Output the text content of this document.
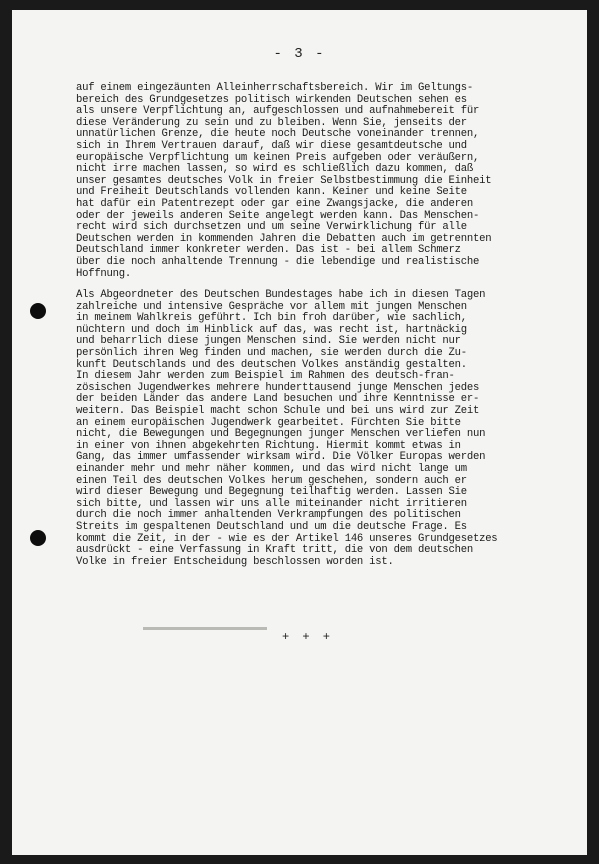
- 3 -

auf einem eingezäunten Alleinherrschaftsbereich. Wir im Geltungs-
bereich des Grundgesetzes politisch wirkenden Deutschen sehen es
als unsere Verpflichtung an, aufgeschlossen und aufnahmebereit für
diese Veränderung zu sein und zu bleiben. Wenn Sie, jenseits der
unnatürlichen Grenze, die heute noch Deutsche voneinander trennen,
sich in Ihrem Vertrauen darauf, daß wir diese gesamtdeutsche und
europäische Verpflichtung um keinen Preis aufgeben oder veräußern,
nicht irre machen lassen, so wird es schließlich dazu kommen, daß
unser gesamtes deutsches Volk in freier Selbstbestimmung die Einheit
und Freiheit Deutschlands vollenden kann. Keiner und keine Seite
hat dafür ein Patentrezept oder gar eine Zwangsjacke, die anderen
oder der jeweils anderen Seite angelegt werden kann. Das Menschen-
recht wird sich durchsetzen und um seine Verwirklichung für alle
Deutschen werden in kommenden Jahren die Debatten auch im getrennten
Deutschland immer konkreter werden. Das ist - bei allem Schmerz
über die noch anhaltende Trennung - die lebendige und realistische
Hoffnung.

Als Abgeordneter des Deutschen Bundestages habe ich in diesen Tagen
zahlreiche und intensive Gespräche vor allem mit jungen Menschen
in meinem Wahlkreis geführt. Ich bin froh darüber, wie sachlich,
nüchtern und doch im Hinblick auf das, was recht ist, hartnäckig
und beharrlich diese jungen Menschen sind. Sie werden nicht nur
persönlich ihren Weg finden und machen, sie werden durch die Zu-
kunft Deutschlands und des deutschen Volkes anständig gestalten.
In diesem Jahr werden zum Beispiel im Rahmen des deutsch-fran-
zösischen Jugendwerkes mehrere hunderttausend junge Menschen jedes
der beiden Länder das andere Land besuchen und ihre Kenntnisse er-
weitern. Das Beispiel macht schon Schule und bei uns wird zur Zeit
an einem europäischen Jugendwerk gearbeitet. Fürchten Sie bitte
nicht, die Bewegungen und Begegnungen junger Menschen verliefen nun
in einer von ihnen abgekehrten Richtung. Hiermit kommt etwas in
Gang, das immer umfassender wirksam wird. Die Völker Europas werden
einander mehr und mehr näher kommen, und das wird nicht lange um
einen Teil des deutschen Volkes herum geschehen, sondern auch er
wird dieser Bewegung und Begegnung teilhaftig werden. Lassen Sie
sich bitte, und lassen wir uns alle miteinander nicht irritieren
durch die noch immer anhaltenden Verkrampfungen des politischen
Streits im gespaltenen Deutschland und um die deutsche Frage. Es
kommt die Zeit, in der - wie es der Artikel 146 unseres Grundgesetzes
ausdrückt - eine Verfassung in Kraft tritt, die von dem deutschen
Volke in freier Entscheidung beschlossen worden ist.

+ + +
